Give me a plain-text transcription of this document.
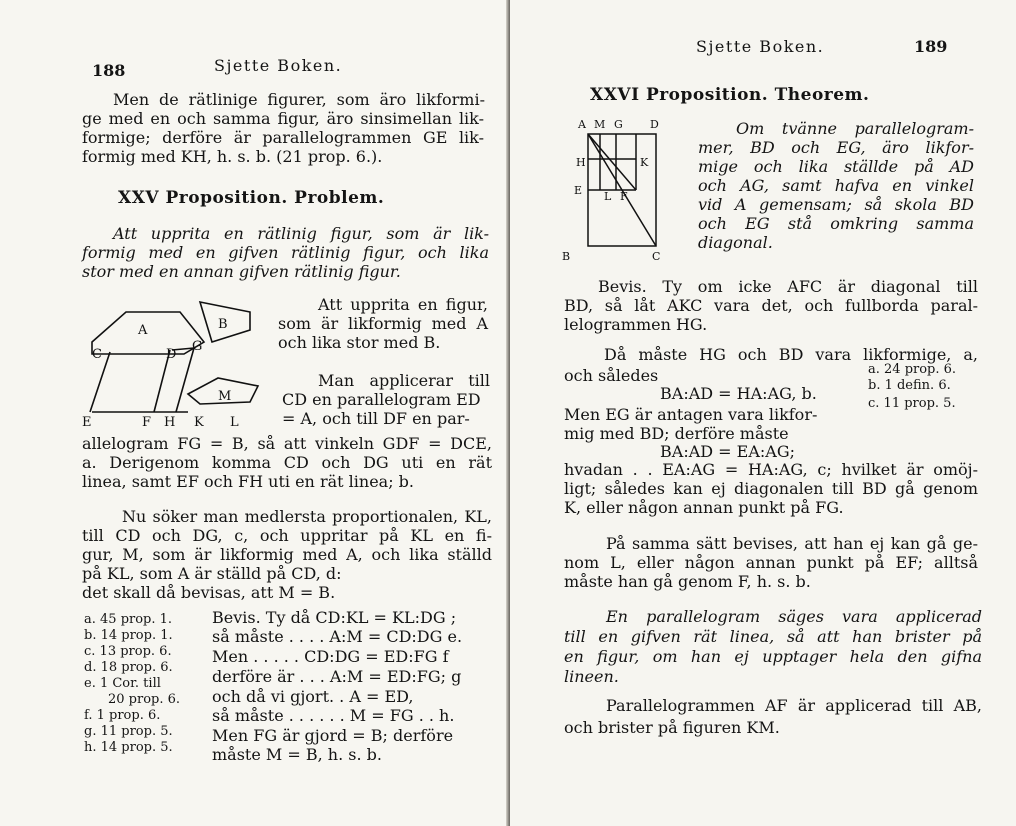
188	Sjette Boken.
Men de rätlinige figurer, som äro likformi-
ge med en och samma figur, äro sinsimellan lik-
formige; derföre är parallelogrammen GE lik-
formig med KH, h. s. b. (21 prop. 6.).
XXV Proposition. Problem.
Att upprita en rätlinig figur, som är lik-
formig med en gifven rätlinig figur, och lika
stor med en annan gifven rätlinig figur.
A	B
C	D
G
M
E	F H K L
Att upprita en figur,
som är likformig med A
och lika stor med B.
Man applicerar till
CD en parallelogram ED
= A, och till DF en par-
allelogram FG = B, så att vinkeln GDF = DCE,
a. Derigenom komma CD och DG uti en rät
linea, samt EF och FH uti en rät linea; b.
Nu söker man medlersta proportionalen, KL,
till CD och DG, c, och uppritar på KL en fi-
gur, M, som är likformig med A, och lika ställd
på KL, som A är ställd på CD, d:
det skall då bevisas, att M = B.
a. 45 prop. 1.
b. 14 prop. 1.
c. 13 prop. 6.
d. 18 prop. 6.
e. 1 Cor. till
20 prop. 6.
f. 1 prop. 6.
g. 11 prop. 5.
h. 14 prop. 5.
Bevis. Ty då CD:KL = KL:DG ;
så måste . . . . A:M = CD:DG e.
Men . . . . . CD:DG = ED:FG f
derföre är . . . A:M = ED:FG; g
och då vi gjort. . A = ED,
så måste . . . . . . M = FG . . h.
Men FG är gjord = B; derföre
måste M = B, h. s. b.
Sjette Boken.	189
XXVI Proposition. Theorem.
A M G D
H	K
E L F
B	C
Om tvänne parallelogram-
mer, BD och EG, äro likfor-
mige och lika ställde på AD
och AG, samt hafva en vinkel
vid A gemensam; så skola BD
och EG stå omkring samma
diagonal.
Bevis. Ty om icke AFC är diagonal till
BD, så låt AKC vara det, och fullborda paral-
lelogrammen HG.
Då måste HG och BD vara likformige, a,
och således
BA:AD = HA:AG, b.
Men EG är antagen vara likfor-
mig med BD; derföre måste
BA:AD = EA:AG;
hvadan . . EA:AG = HA:AG, c; hvilket är omöj-
ligt; således kan ej diagonalen till BD gå genom
K, eller någon annan punkt på FG.
På samma sätt bevises, att han ej kan gå ge-
nom L, eller någon annan punkt på EF; alltså
måste han gå genom F, h. s. b.
a. 24 prop. 6.
b. 1 defin. 6.
c. 11 prop. 5.
En parallelogram säges vara applicerad
till en gifven rät linea, så att han brister på
en figur, om han ej upptager hela den gifna
lineen.
Parallelogrammen AF är applicerad till AB,
och brister på figuren KM.
